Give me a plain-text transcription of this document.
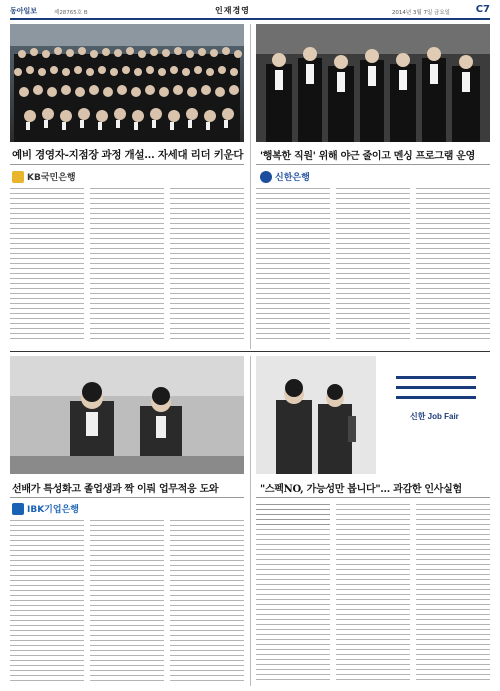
동아일보	제28765호 B	인재경영	2014년 3월 7일 금요일	C7
예비 경영자-지점장 과정 개설… 자세대 리더 키운다
KB국민은행
'행복한 직원' 위해 야근 줄이고 멘싱 프로그램 운영
신한은행
선배가 특성화고 졸업생과 짝 이뤄 업무적응 도와
IBK기업은행
신한 Job Fair
"스펙NO, 가능성만 봅니다"… 과감한 인사실험
